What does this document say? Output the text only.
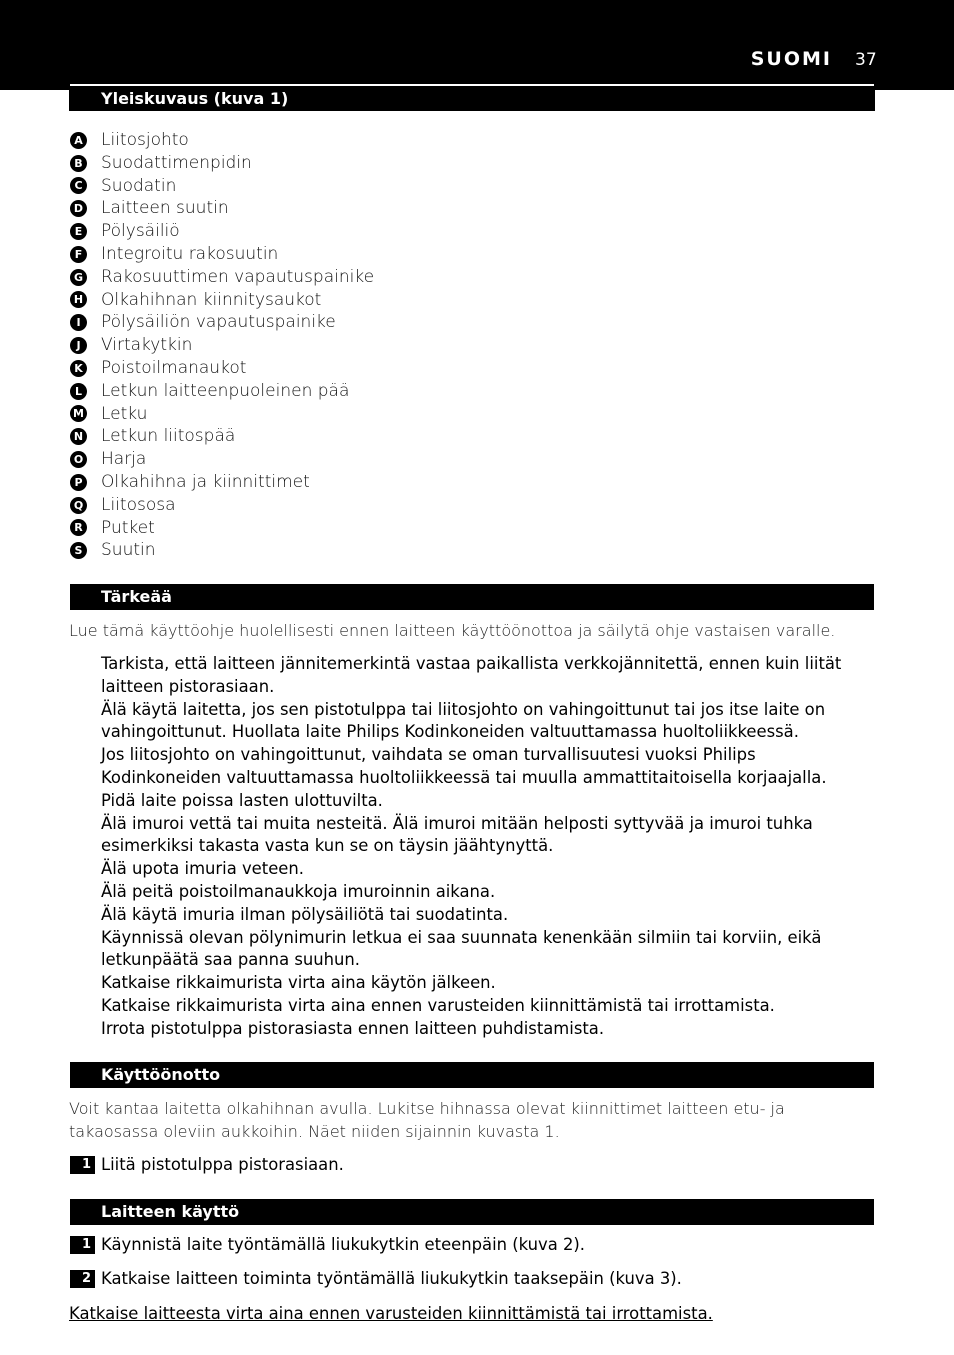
SUOMI 37
Yleiskuvaus (kuva 1)
A Liitosjohto
B Suodattimenpidin
C Suodatin
D Laitteen suutin
E Pölysäiliö
F Integroitu rakosuutin
G Rakosuuttimen vapautuspainike
H Olkahihnan kiinnitysaukot
I	Pölysäiliön vapautuspainike
J	Virtakytkin
K Poistoilmanaukot
L Letkun laitteenpuoleinen pää
M Letku
N Letkun liitospää
O Harja
P Olkahihna ja kiinnittimet
Q Liitososa
R Putket
S Suutin
Tärkeää
Lue tämä käyttöohje huolellisesti ennen laitteen käyttöönottoa ja säilytä ohje vastaisen varalle.

Tarkista, että laitteen jännitemerkintä vastaa paikallista verkkojännitettä, ennen kuin liität laitteen pistorasiaan.

Älä käytä laitetta, jos sen pistotulppa tai liitosjohto on vahingoittunut tai jos itse laite on vahingoittunut. Huollata laite Philips Kodinkoneiden valtuuttamassa huoltoliikkeessä.

Jos liitosjohto on vahingoittunut, vaihdata se oman turvallisuutesi vuoksi Philips Kodinkoneiden valtuuttamassa huoltoliikkeessä tai muulla ammattitaitoisella korjaajalla.

Pidä laite poissa lasten ulottuvilta.

Älä imuroi vettä tai muita nesteitä. Älä imuroi mitään helposti syttyvää ja imuroi tuhka esimerkiksi takasta vasta kun se on täysin jäähtynyttä.

Älä upota imuria veteen.

Älä peitä poistoilmanaukkoja imuroinnin aikana.

Älä käytä imuria ilman pölysäiliötä tai suodatinta.

Käynnissä olevan pölynimurin letkua ei saa suunnata kenenkään silmiin tai korviin, eikä letkunpäätä saa panna suuhun.

Katkaise rikkaimurista virta aina käytön jälkeen.

Katkaise rikkaimurista virta aina ennen varusteiden kiinnittämistä tai irrottamista.

Irrota pistotulppa pistorasiasta ennen laitteen puhdistamista.

Käyttöönotto
Voit kantaa laitetta olkahihnan avulla. Lukitse hihnassa olevat kiinnittimet laitteen etu- ja takaosassa oleviin aukkoihin. Näet niiden sijainnin kuvasta 1.
1 Liitä pistotulppa pistorasiaan.
Laitteen käyttö
1 Käynnistä laite työntämällä liukukytkin eteenpäin (kuva 2).
2 Katkaise laitteen toiminta työntämällä liukukytkin taaksepäin (kuva 3).
Katkaise laitteesta virta aina ennen varusteiden kiinnittämistä tai irrottamista.
